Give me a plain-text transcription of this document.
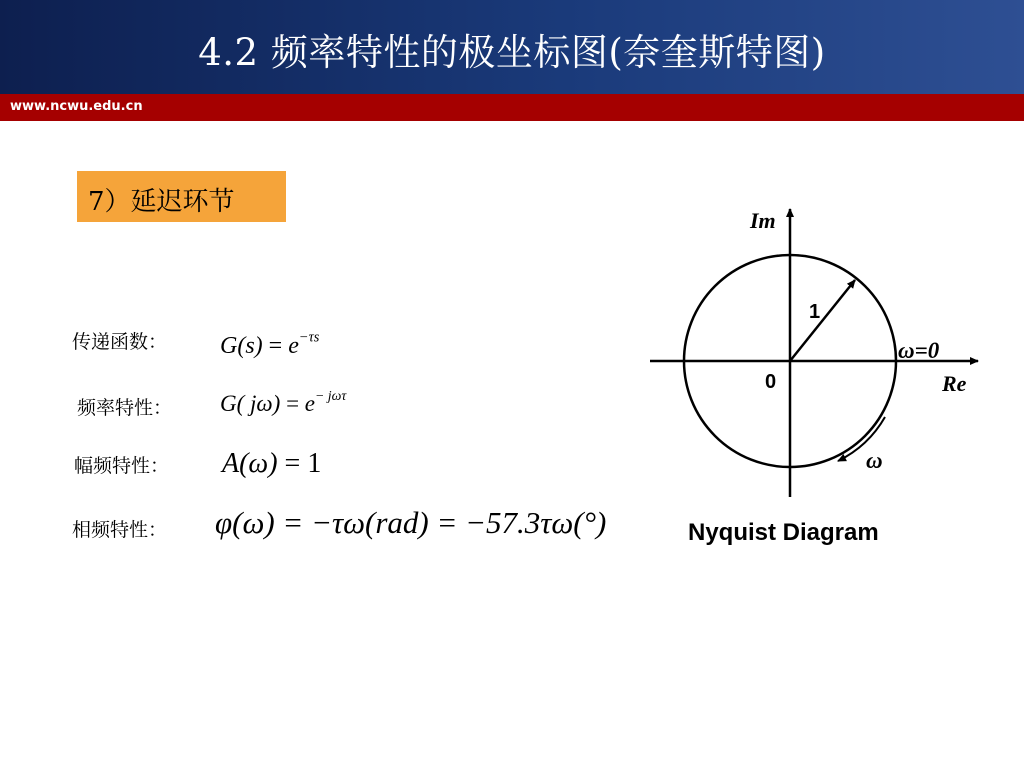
4.2 频率特性的极坐标图(奈奎斯特图)
www.ncwu.edu.cn
7）延迟环节
传递函数： $G(s) = e^{-\tau s}$
频率特性： G( $j\omega) = e^{- j\omega\tau}$
幅频特性： A(ω) = 1
相频特性： φ(ω) = −τω(rad) = −57.3τω(°)
Im
Re
0
1
ω=0
ω
Nyquist Diagram
